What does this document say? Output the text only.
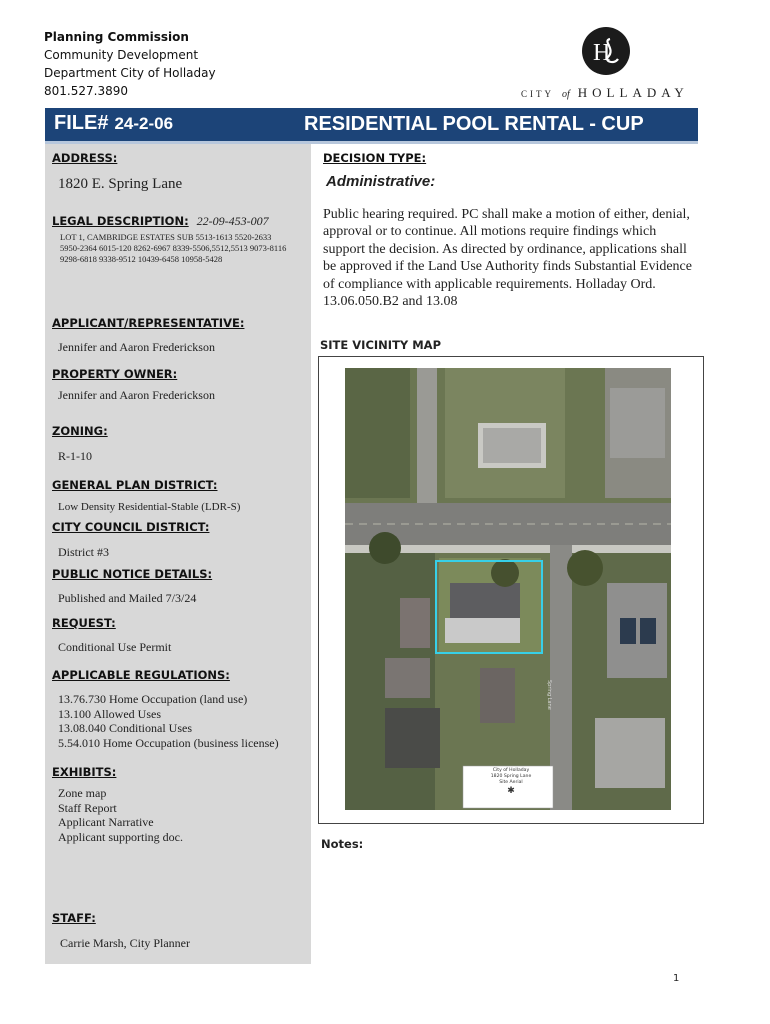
Planning Commission
Community Development
Department City of Holladay
801.527.3890
H
CITY of HOLLADAY
FILE# 24-2-06	RESIDENTIAL POOL RENTAL - CUP
ADDRESS:
1820 E. Spring Lane
LEGAL DESCRIPTION: 22-09-453-007
LOT 1, CAMBRIDGE ESTATES SUB 5513-1613 5520-2633
5950-2364 6015-120 8262-6967 8339-5506,5512,5513 9073-8116
9298-6818 9338-9512 10439-6458 10958-5428
APPLICANT/REPRESENTATIVE:
Jennifer and Aaron Frederickson
PROPERTY OWNER:
Jennifer and Aaron Frederickson
ZONING:
R-1-10
GENERAL PLAN DISTRICT:
Low Density Residential-Stable (LDR-S)
CITY COUNCIL DISTRICT:
District #3
PUBLIC NOTICE DETAILS:
Published and Mailed 7/3/24
REQUEST:
Conditional Use Permit
APPLICABLE REGULATIONS:
13.76.730 Home Occupation (land use)
13.100 Allowed Uses
13.08.040 Conditional Uses
5.54.010 Home Occupation (business license)
EXHIBITS:
Zone map
Staff Report
Applicant Narrative
Applicant supporting doc.
STAFF:
Carrie Marsh, City Planner
DECISION TYPE:
Administrative:
Public hearing required. PC shall make a motion of either, denial, approval or to continue. All motions require findings which support the decision. As directed by ordinance, applications shall be approved if the Land Use Authority finds Substantial Evidence of compliance with applicable requirements. Holladay Ord. 13.06.050.B2 and 13.08
SITE VICINITY MAP
City of Holladay
1820 Spring Lane
Site Aerial
✱
Spring Lane
Notes:
1
